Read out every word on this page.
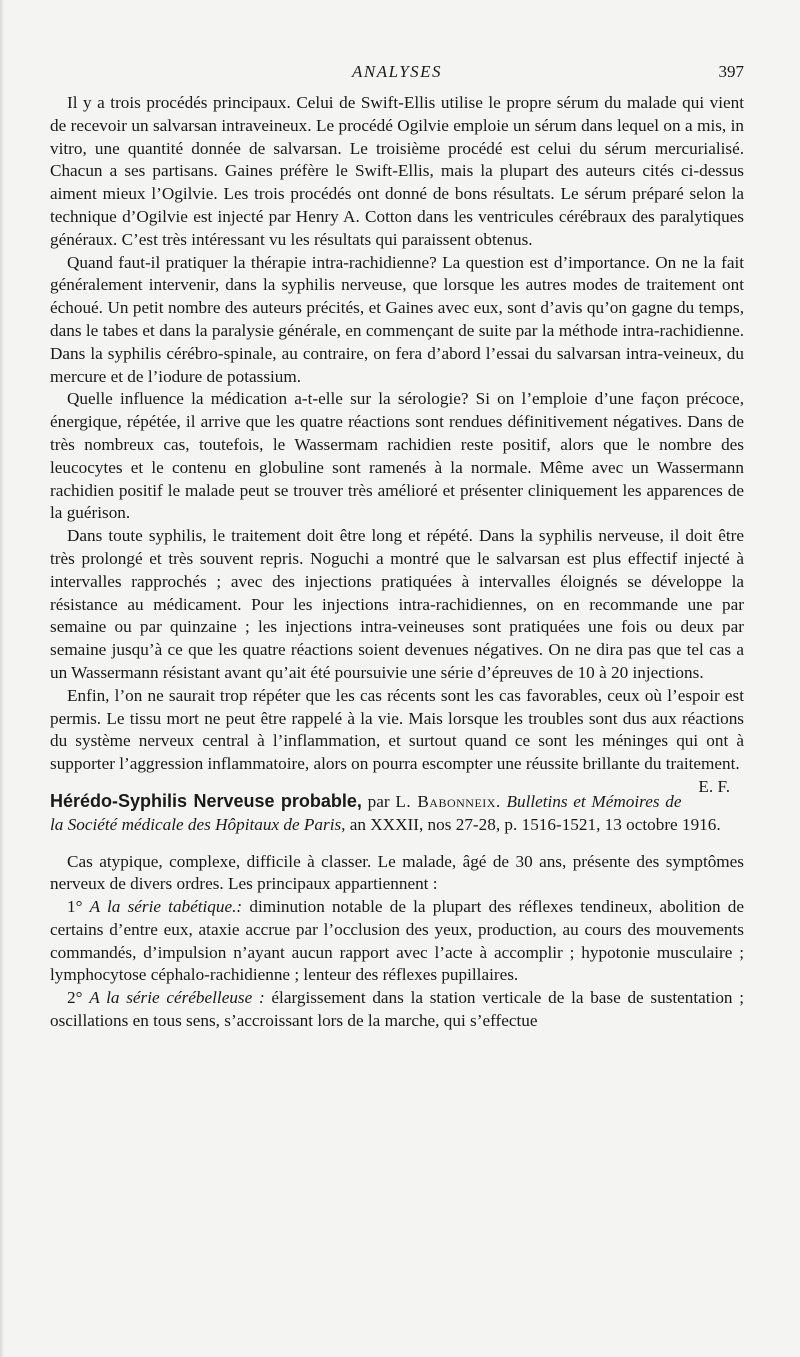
ANALYSES	397

Il y a trois procédés principaux. Celui de Swift-Ellis utilise le propre sérum du malade qui vient de recevoir un salvarsan intraveineux. Le procédé Ogilvie emploie un sérum dans lequel on a mis, in vitro, une quantité donnée de salvarsan. Le troisième procédé est celui du sérum mercurialisé. Chacun a ses partisans. Gaines préfère le Swift-Ellis, mais la plupart des auteurs cités ci-dessus aiment mieux l’Ogilvie. Les trois procédés ont donné de bons résultats. Le sérum préparé selon la technique d’Ogilvie est injecté par Henry A. Cotton dans les ventricules cérébraux des paralytiques généraux. C’est très intéressant vu les résultats qui paraissent obtenus.

Quand faut-il pratiquer la thérapie intra-rachidienne? La question est d’importance. On ne la fait généralement intervenir, dans la syphilis nerveuse, que lorsque les autres modes de traitement ont échoué. Un petit nombre des auteurs précités, et Gaines avec eux, sont d’avis qu’on gagne du temps, dans le tabes et dans la paralysie générale, en commençant de suite par la méthode intra-rachidienne. Dans la syphilis cérébro-spinale, au contraire, on fera d’abord l’essai du salvarsan intra-veineux, du mercure et de l’iodure de potassium.

Quelle influence la médication a-t-elle sur la sérologie? Si on l’emploie d’une façon précoce, énergique, répétée, il arrive que les quatre réactions sont rendues définitivement négatives. Dans de très nombreux cas, toutefois, le Wassermam rachidien reste positif, alors que le nombre des leucocytes et le contenu en globuline sont ramenés à la normale. Même avec un Wassermann rachidien positif le malade peut se trouver très amélioré et présenter cliniquement les apparences de la guérison.

Dans toute syphilis, le traitement doit être long et répété. Dans la syphilis nerveuse, il doit être très prolongé et très souvent repris. Noguchi a montré que le salvarsan est plus effectif injecté à intervalles rapprochés ; avec des injections pratiquées à intervalles éloignés se développe la résistance au médicament. Pour les injections intra-rachidiennes, on en recommande une par semaine ou par quinzaine ; les injections intra-veineuses sont pratiquées une fois ou deux par semaine jusqu’à ce que les quatre réactions soient devenues négatives. On ne dira pas que tel cas a un Wassermann résistant avant qu’ait été poursuivie une série d’épreuves de 10 à 20 injections.

Enfin, l’on ne saurait trop répéter que les cas récents sont les cas favorables, ceux où l’espoir est permis. Le tissu mort ne peut être rappelé à la vie. Mais lorsque les troubles sont dus aux réactions du système nerveux central à l’inflammation, et surtout quand ce sont les méninges qui ont à supporter l’aggression inflammatoire, alors on pourra escompter une réussite brillante du traitement.
E. F.

Hérédo-Syphilis Nerveuse probable, par L. Babonneix. Bulletins et Mémoires de la Société médicale des Hôpitaux de Paris, an XXXII, nos 27-28, p. 1516-1521, 13 octobre 1916.

Cas atypique, complexe, difficile à classer. Le malade, âgé de 30 ans, présente des symptômes nerveux de divers ordres. Les principaux appartiennent :

1° A la série tabétique.: diminution notable de la plupart des réflexes tendineux, abolition de certains d’entre eux, ataxie accrue par l’occlusion des yeux, production, au cours des mouvements commandés, d’impulsion n’ayant aucun rapport avec l’acte à accomplir ; hypotonie musculaire ; lymphocytose céphalo-rachidienne ; lenteur des réflexes pupillaires.

2° A la série cérébelleuse : élargissement dans la station verticale de la base de sustentation ; oscillations en tous sens, s’accroissant lors de la marche, qui s’effectue
